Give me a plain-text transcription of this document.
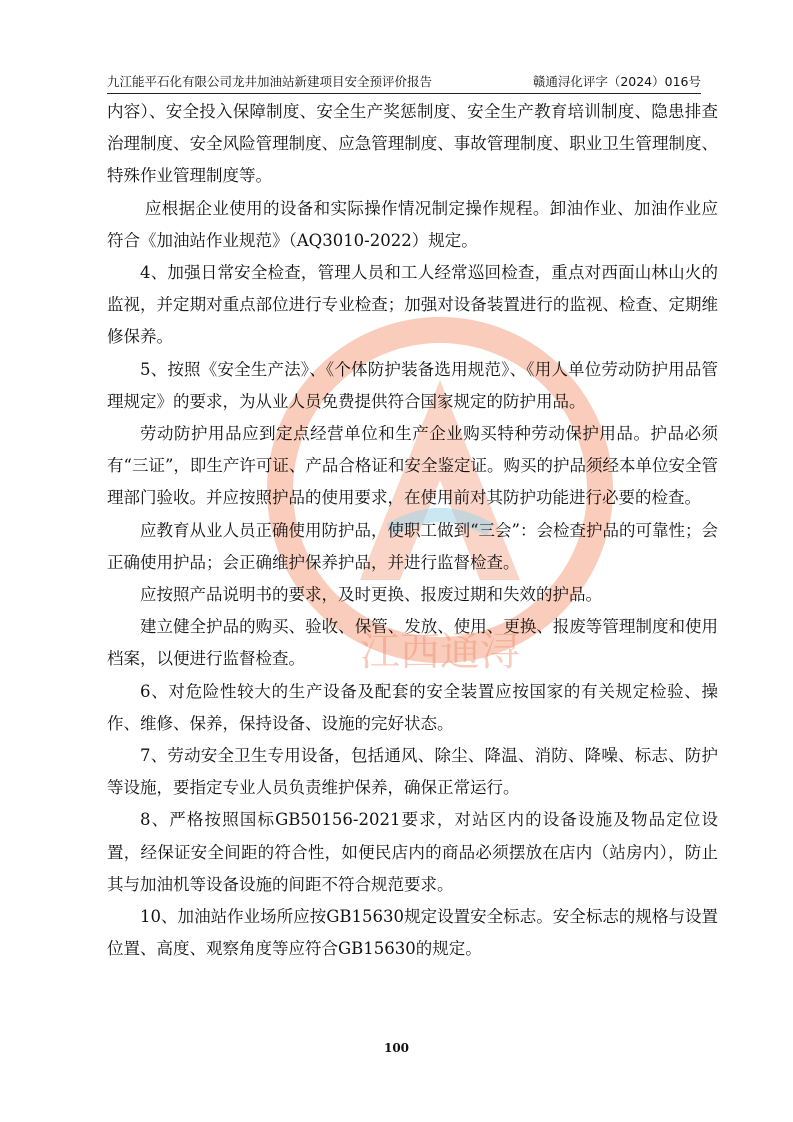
江西通浔
九江能平石化有限公司龙井加油站新建项目安全预评价报告	赣通浔化评字（2024）016号

内容）、安全投入保障制度、安全生产奖惩制度、安全生产教育培训制度、隐患排查治理制度、安全风险管理制度、应急管理制度、事故管理制度、职业卫生管理制度、特殊作业管理制度等。

应根据企业使用的设备和实际操作情况制定操作规程。卸油作业、加油作业应符合《加油站作业规范》（AQ3010-2022）规定。

4、加强日常安全检查，管理人员和工人经常巡回检查，重点对西面山林山火的监视，并定期对重点部位进行专业检查；加强对设备装置进行的监视、检查、定期维修保养。

5、按照《安全生产法》、《个体防护装备选用规范》、《用人单位劳动防护用品管理规定》的要求，为从业人员免费提供符合国家规定的防护用品。

劳动防护用品应到定点经营单位和生产企业购买特种劳动保护用品。护品必须有“三证”，即生产许可证、产品合格证和安全鉴定证。购买的护品须经本单位安全管理部门验收。并应按照护品的使用要求，在使用前对其防护功能进行必要的检查。

应教育从业人员正确使用防护品，使职工做到“三会”：会检查护品的可靠性；会正确使用护品；会正确维护保养护品，并进行监督检查。

应按照产品说明书的要求，及时更换、报废过期和失效的护品。

建立健全护品的购买、验收、保管、发放、使用、更换、报废等管理制度和使用档案，以便进行监督检查。

6、对危险性较大的生产设备及配套的安全装置应按国家的有关规定检验、操作、维修、保养，保持设备、设施的完好状态。

7、劳动安全卫生专用设备，包括通风、除尘、降温、消防、降噪、标志、防护等设施，要指定专业人员负责维护保养，确保正常运行。

8、严格按照国标GB50156-2021要求，对站区内的设备设施及物品定位设置，经保证安全间距的符合性，如便民店内的商品必须摆放在店内（站房内），防止其与加油机等设备设施的间距不符合规范要求。

10、加油站作业场所应按GB15630规定设置安全标志。安全标志的规格与设置位置、高度、观察角度等应符合GB15630的规定。

100
